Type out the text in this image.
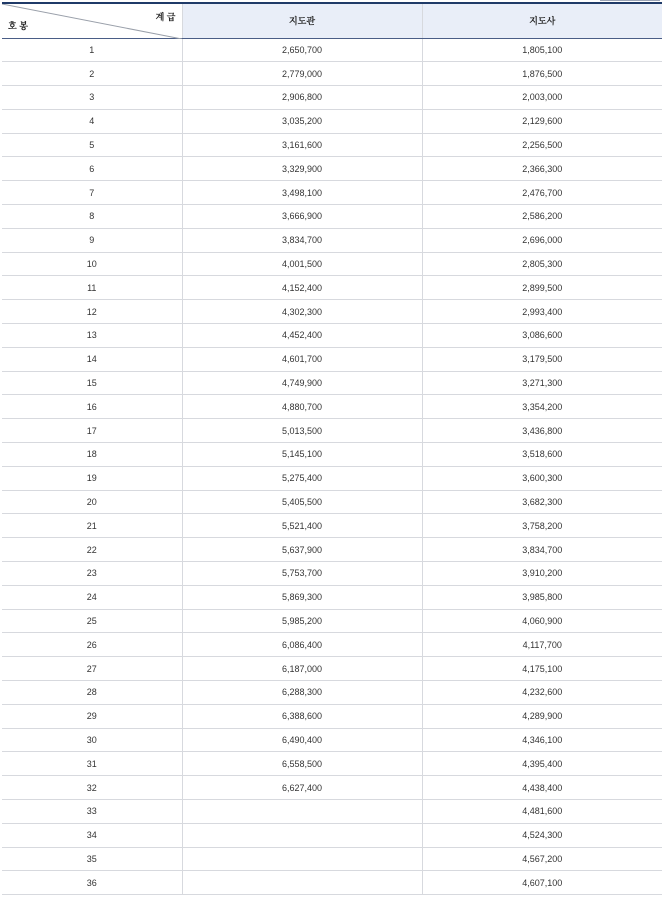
계 급
호 봉	지도관	지도사
1	2,650,700	1,805,100
2	2,779,000	1,876,500
3	2,906,800	2,003,000
4	3,035,200	2,129,600
5	3,161,600	2,256,500
6	3,329,900	2,366,300
7	3,498,100	2,476,700
8	3,666,900	2,586,200
9	3,834,700	2,696,000
10	4,001,500	2,805,300
11	4,152,400	2,899,500
12	4,302,300	2,993,400
13	4,452,400	3,086,600
14	4,601,700	3,179,500
15	4,749,900	3,271,300
16	4,880,700	3,354,200
17	5,013,500	3,436,800
18	5,145,100	3,518,600
19	5,275,400	3,600,300
20	5,405,500	3,682,300
21	5,521,400	3,758,200
22	5,637,900	3,834,700
23	5,753,700	3,910,200
24	5,869,300	3,985,800
25	5,985,200	4,060,900
26	6,086,400	4,117,700
27	6,187,000	4,175,100
28	6,288,300	4,232,600
29	6,388,600	4,289,900
30	6,490,400	4,346,100
31	6,558,500	4,395,400
32	6,627,400	4,438,400
33		4,481,600
34		4,524,300
35		4,567,200
36		4,607,100
